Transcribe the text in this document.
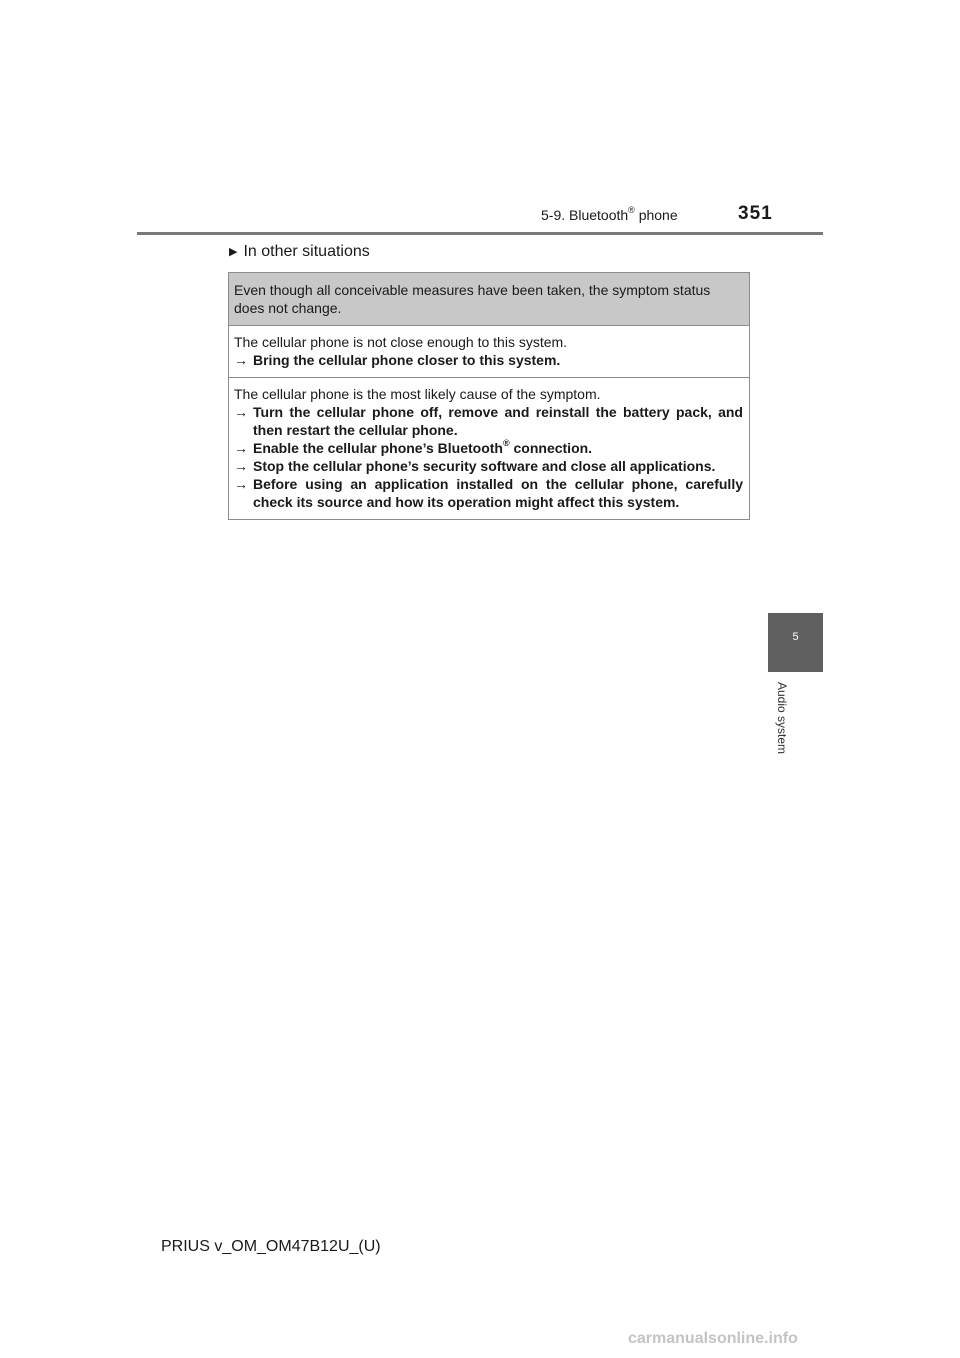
5-9. Bluetooth® phone	351
▶ In other situations
Even though all conceivable measures have been taken, the symptom status does not change.
The cellular phone is not close enough to this system.
→ Bring the cellular phone closer to this system.
The cellular phone is the most likely cause of the symptom.
→ Turn the cellular phone off, remove and reinstall the battery pack, and then restart the cellular phone.
→ Enable the cellular phone’s Bluetooth® connection.
→ Stop the cellular phone’s security software and close all applications.
→ Before using an application installed on the cellular phone, carefully check its source and how its operation might affect this system.
5
Audio system
PRIUS v_OM_OM47B12U_(U)
carmanualsonline.info
